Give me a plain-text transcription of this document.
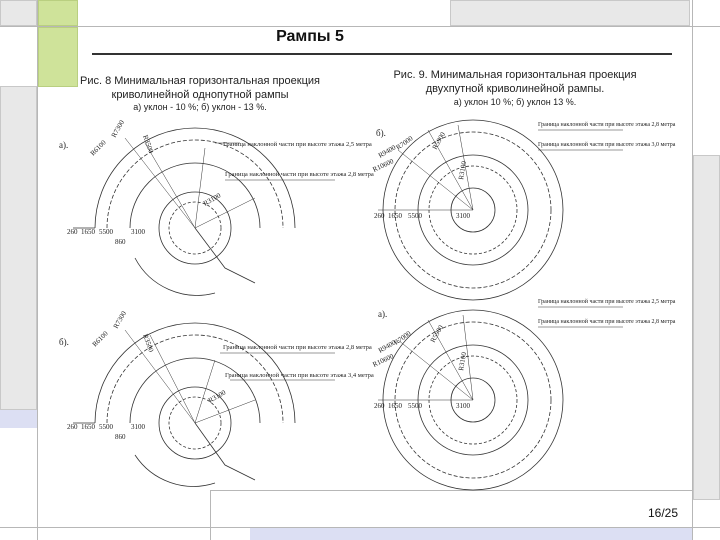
Рампы 5
Рис. 8 Минимальная горизонтальная проекция
криволинейной однопутной рампы
а) уклон - 10 %; б) уклон - 13 %.
Рис. 9. Минимальная горизонтальная проекция
двухпутной криволинейной рампы.
а) уклон 10 %; б) уклон 13 %.
а).	Граница наклонной части при высоте этажа 2,5 метра
Граница наклонной части при высоте этажа 2,8 метра
R7300
R6100	R3500
R3100
260 1650 5500	3100
860
б).
Граница наклонной части при высоте этажа 2,8 метра
Граница наклонной части при высоте этажа 3,4 метра
R7300
R6100	R3500
R3100
260 1650 5500	3100
860
б).
Граница наклонной части при высоте этажа 2,8 метра
Граница наклонной части при высоте этажа 3,0 метра
R10600
R9400
R7000 R5900
R3100
260 1650 5500	3100
а).
Граница наклонной части при высоте этажа 2,5 метра
Граница наклонной части при высоте этажа 2,8 метра
R10600
R9400
R7000 R5900
R3100
260 1650 5500	3100
16/25
